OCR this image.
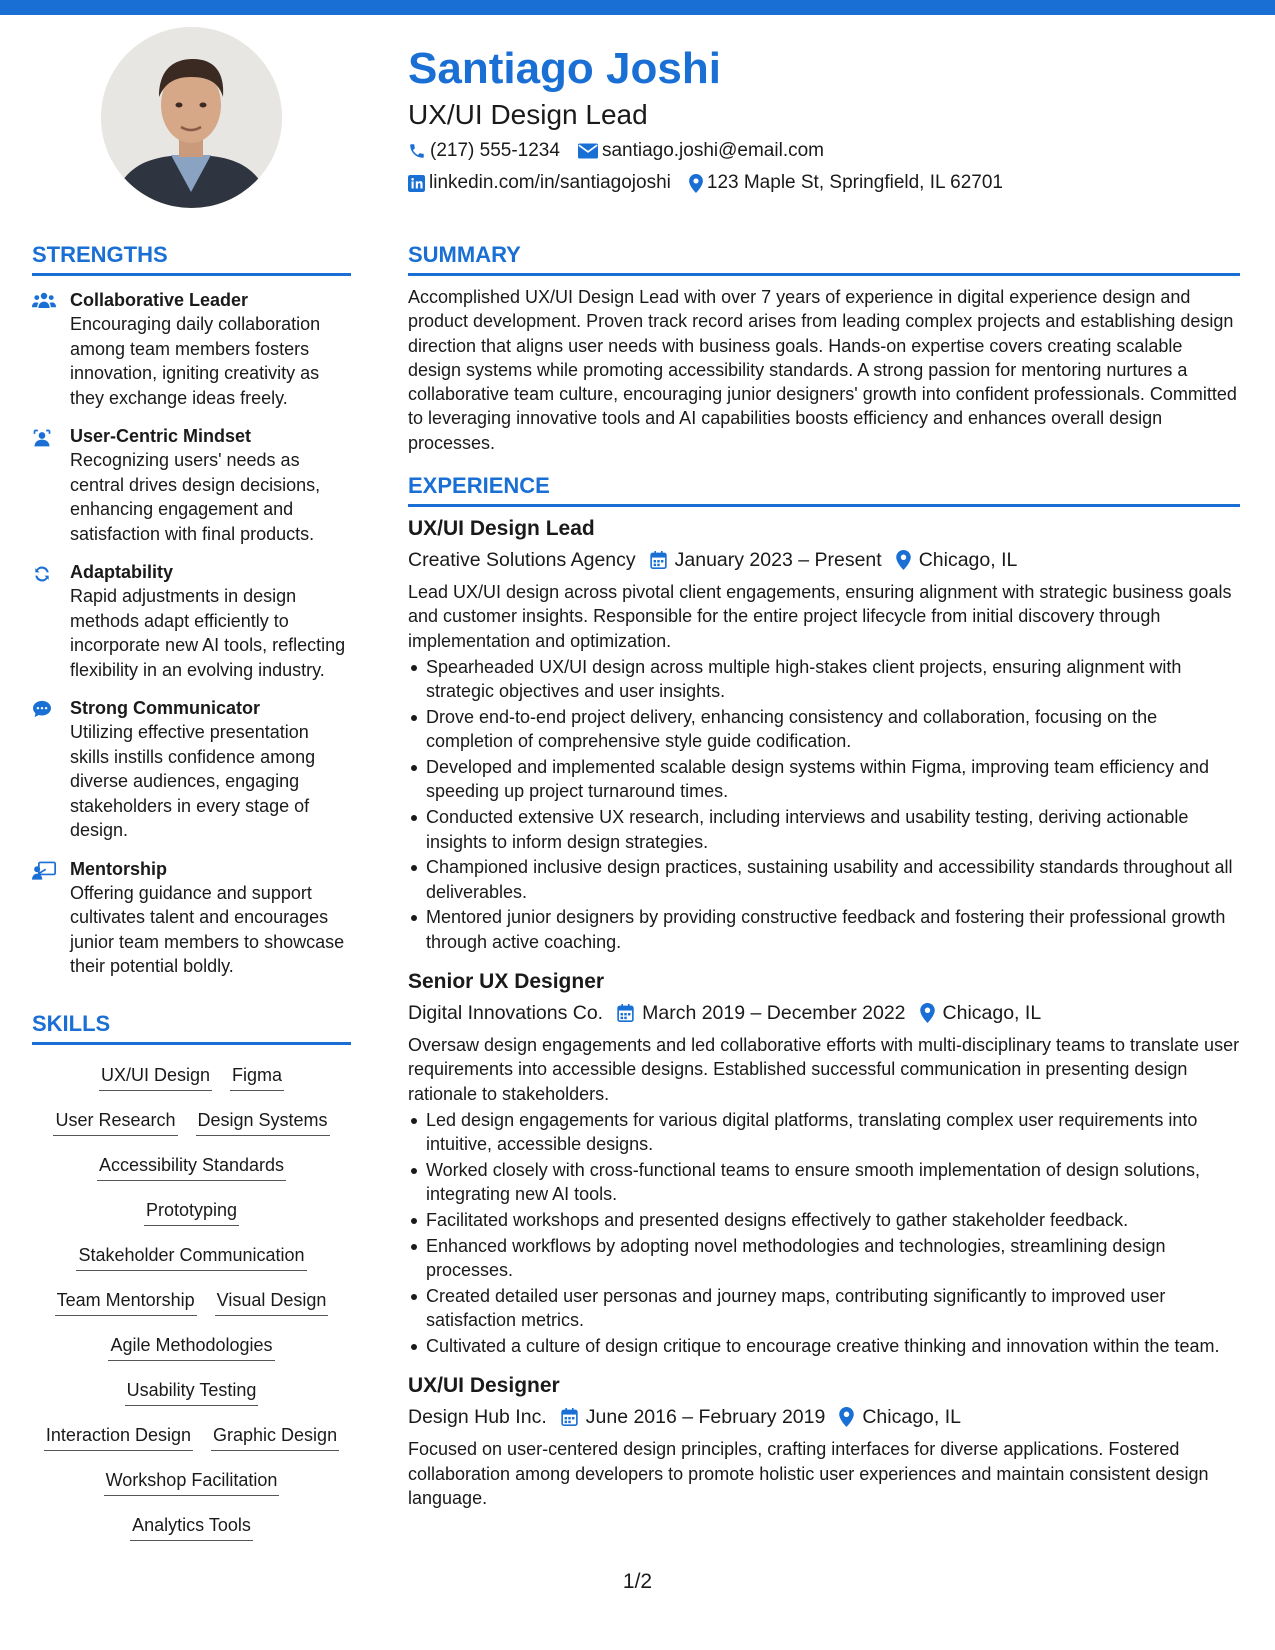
Santiago Joshi
UX/UI Design Lead
(217) 555-1234 santiago.joshi@email.com
linkedin.com/in/santiagojoshi 123 Maple St, Springfield, IL 62701
STRENGTHS
Collaborative Leader
Encouraging daily collaboration among team members fosters innovation, igniting creativity as they exchange ideas freely.
User-Centric Mindset
Recognizing users' needs as central drives design decisions, enhancing engagement and satisfaction with final products.
Adaptability
Rapid adjustments in design methods adapt efficiently to incorporate new AI tools, reflecting flexibility in an evolving industry.
Strong Communicator
Utilizing effective presentation skills instills confidence among diverse audiences, engaging stakeholders in every stage of design.
Mentorship
Offering guidance and support cultivates talent and encourages junior team members to showcase their potential boldly.
SKILLS
UX/UI Design Figma
User Research Design Systems
Accessibility Standards
Prototyping
Stakeholder Communication
Team Mentorship Visual Design
Agile Methodologies
Usability Testing
Interaction Design Graphic Design
Workshop Facilitation
Analytics Tools
SUMMARY
Accomplished UX/UI Design Lead with over 7 years of experience in digital experience design and product development. Proven track record arises from leading complex projects and establishing design direction that aligns user needs with business goals. Hands-on expertise covers creating scalable design systems while promoting accessibility standards. A strong passion for mentoring nurtures a collaborative team culture, encouraging junior designers' growth into confident professionals. Committed to leveraging innovative tools and AI capabilities boosts efficiency and enhances overall design processes.
EXPERIENCE
UX/UI Design Lead
Creative Solutions Agency January 2023 – Present Chicago, IL
Lead UX/UI design across pivotal client engagements, ensuring alignment with strategic business goals and customer insights. Responsible for the entire project lifecycle from initial discovery through implementation and optimization.
Spearheaded UX/UI design across multiple high-stakes client projects, ensuring alignment with strategic objectives and user insights.
Drove end-to-end project delivery, enhancing consistency and collaboration, focusing on the completion of comprehensive style guide codification.
Developed and implemented scalable design systems within Figma, improving team efficiency and speeding up project turnaround times.
Conducted extensive UX research, including interviews and usability testing, deriving actionable insights to inform design strategies.
Championed inclusive design practices, sustaining usability and accessibility standards throughout all deliverables.
Mentored junior designers by providing constructive feedback and fostering their professional growth through active coaching.
Senior UX Designer
Digital Innovations Co. March 2019 – December 2022 Chicago, IL
Oversaw design engagements and led collaborative efforts with multi-disciplinary teams to translate user requirements into accessible designs. Established successful communication in presenting design rationale to stakeholders.
Led design engagements for various digital platforms, translating complex user requirements into intuitive, accessible designs.
Worked closely with cross-functional teams to ensure smooth implementation of design solutions, integrating new AI tools.
Facilitated workshops and presented designs effectively to gather stakeholder feedback.
Enhanced workflows by adopting novel methodologies and technologies, streamlining design processes.
Created detailed user personas and journey maps, contributing significantly to improved user satisfaction metrics.
Cultivated a culture of design critique to encourage creative thinking and innovation within the team.
UX/UI Designer
Design Hub Inc. June 2016 – February 2019 Chicago, IL
Focused on user-centered design principles, crafting interfaces for diverse applications. Fostered collaboration among developers to promote holistic user experiences and maintain consistent design language.
1/2
